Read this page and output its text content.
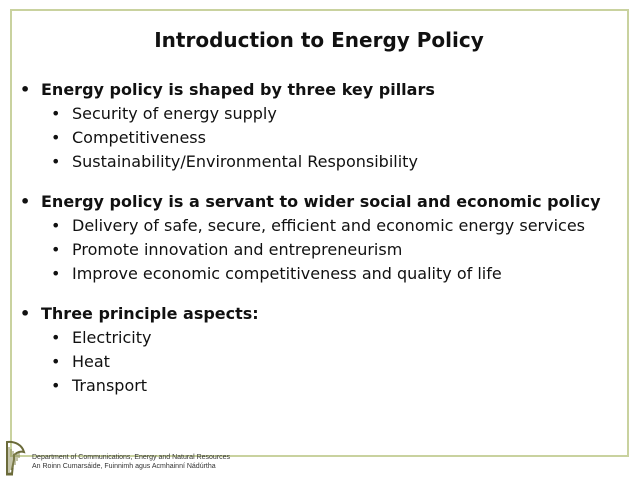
Introduction to Energy Policy
• Energy policy is shaped by three key pillars
• Security of energy supply
• Competitiveness
• Sustainability/Environmental Responsibility
• Energy policy is a servant to wider social and economic policy
• Delivery of safe, secure, efficient and economic energy services
• Promote innovation and entrepreneurism
• Improve economic competitiveness and quality of life
• Three principle aspects:
• Electricity
• Heat
• Transport
Department of Communications, Energy and Natural Resources
An Roinn Cumarsáide, Fuinnimh agus Acmhainní Nádúrtha
